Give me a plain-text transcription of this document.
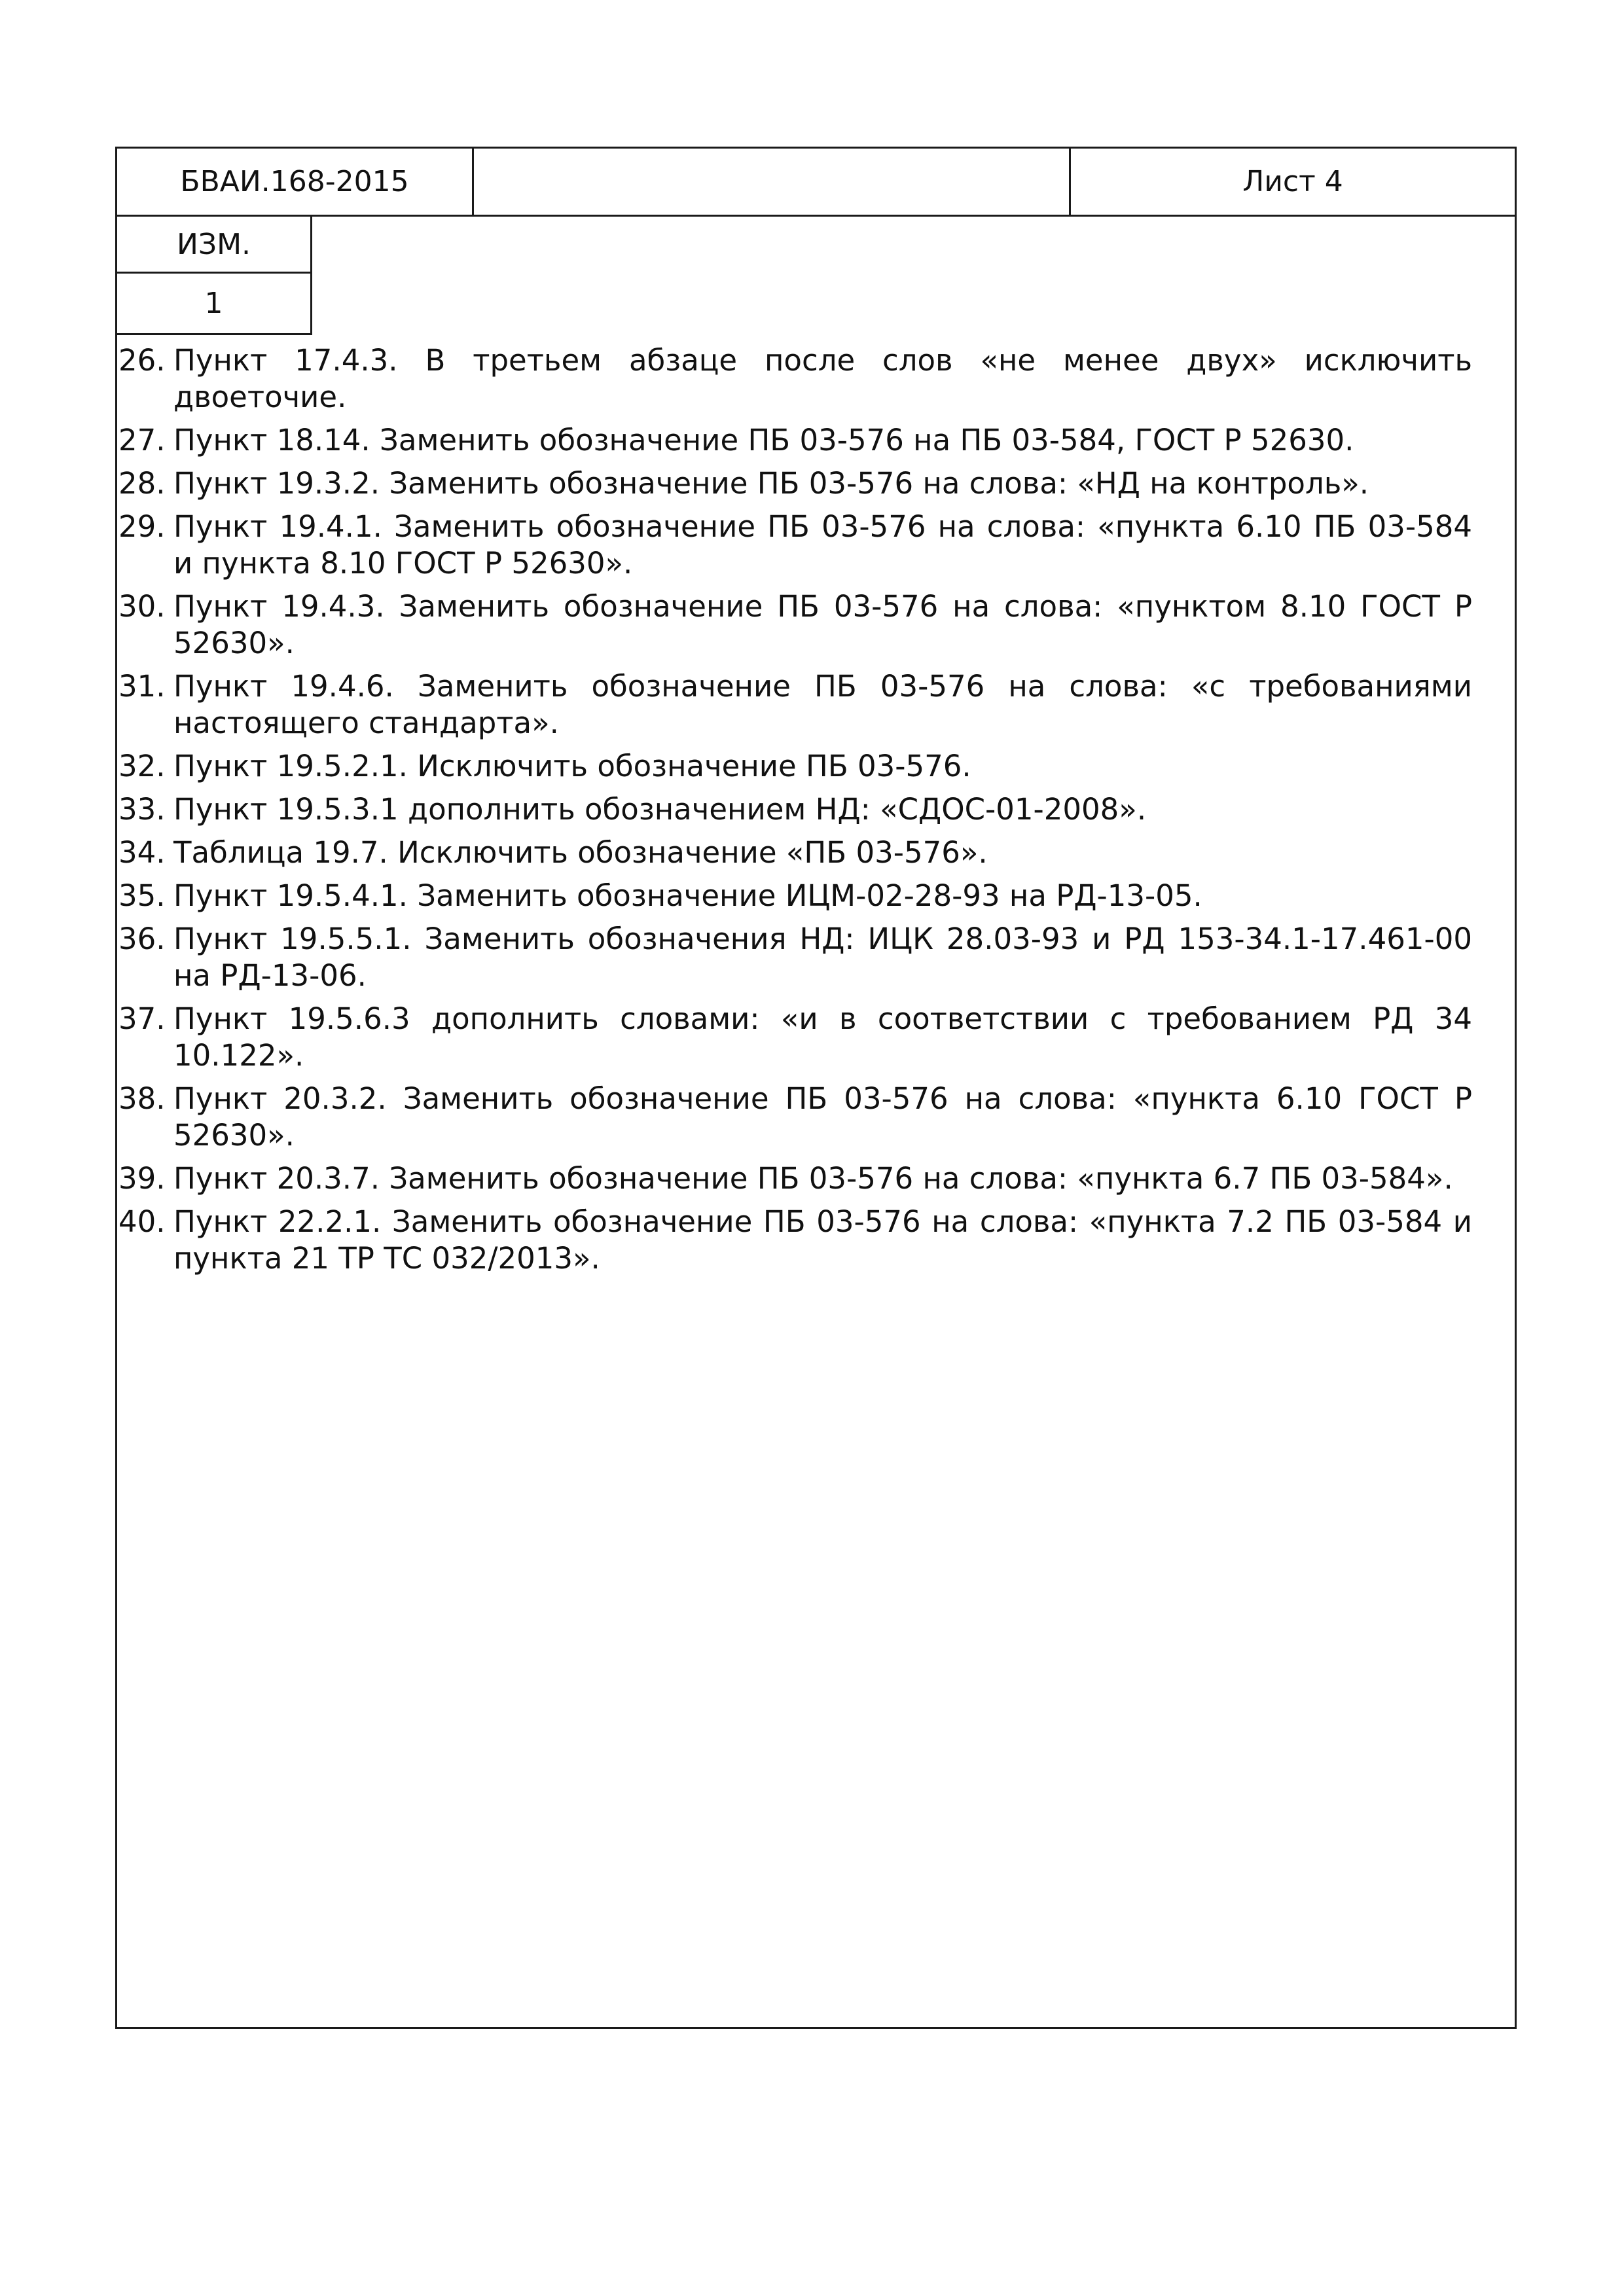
БВАИ.168-2015	Лист 4
ИЗМ.
1
26. Пункт 17.4.3. В третьем абзаце после слов «не менее двух» исключить двоеточие.
27. Пункт 18.14. Заменить обозначение ПБ 03-576 на ПБ 03-584, ГОСТ Р 52630.
28. Пункт 19.3.2. Заменить обозначение ПБ 03-576 на слова: «НД на контроль».
29. Пункт 19.4.1. Заменить обозначение ПБ 03-576 на слова: «пункта 6.10 ПБ 03-584 и пункта 8.10 ГОСТ Р 52630».
30. Пункт 19.4.3. Заменить обозначение ПБ 03-576 на слова: «пунктом 8.10 ГОСТ Р 52630».
31. Пункт 19.4.6. Заменить обозначение ПБ 03-576 на слова: «с требованиями настоящего стандарта».
32. Пункт 19.5.2.1. Исключить обозначение ПБ 03-576.
33. Пункт 19.5.3.1 дополнить обозначением НД: «СДОС-01-2008».
34. Таблица 19.7. Исключить обозначение «ПБ 03-576».
35. Пункт 19.5.4.1. Заменить обозначение ИЦМ-02-28-93 на РД-13-05.
36. Пункт 19.5.5.1. Заменить обозначения НД: ИЦК 28.03-93 и РД 153-34.1-17.461-00 на РД-13-06.
37. Пункт 19.5.6.3 дополнить словами: «и в соответствии с требованием РД 34 10.122».
38. Пункт 20.3.2. Заменить обозначение ПБ 03-576 на слова: «пункта 6.10 ГОСТ Р 52630».
39. Пункт 20.3.7. Заменить обозначение ПБ 03-576 на слова: «пункта 6.7 ПБ 03-584».
40. Пункт 22.2.1. Заменить обозначение ПБ 03-576 на слова: «пункта 7.2 ПБ 03-584 и пункта 21 ТР ТС 032/2013».
